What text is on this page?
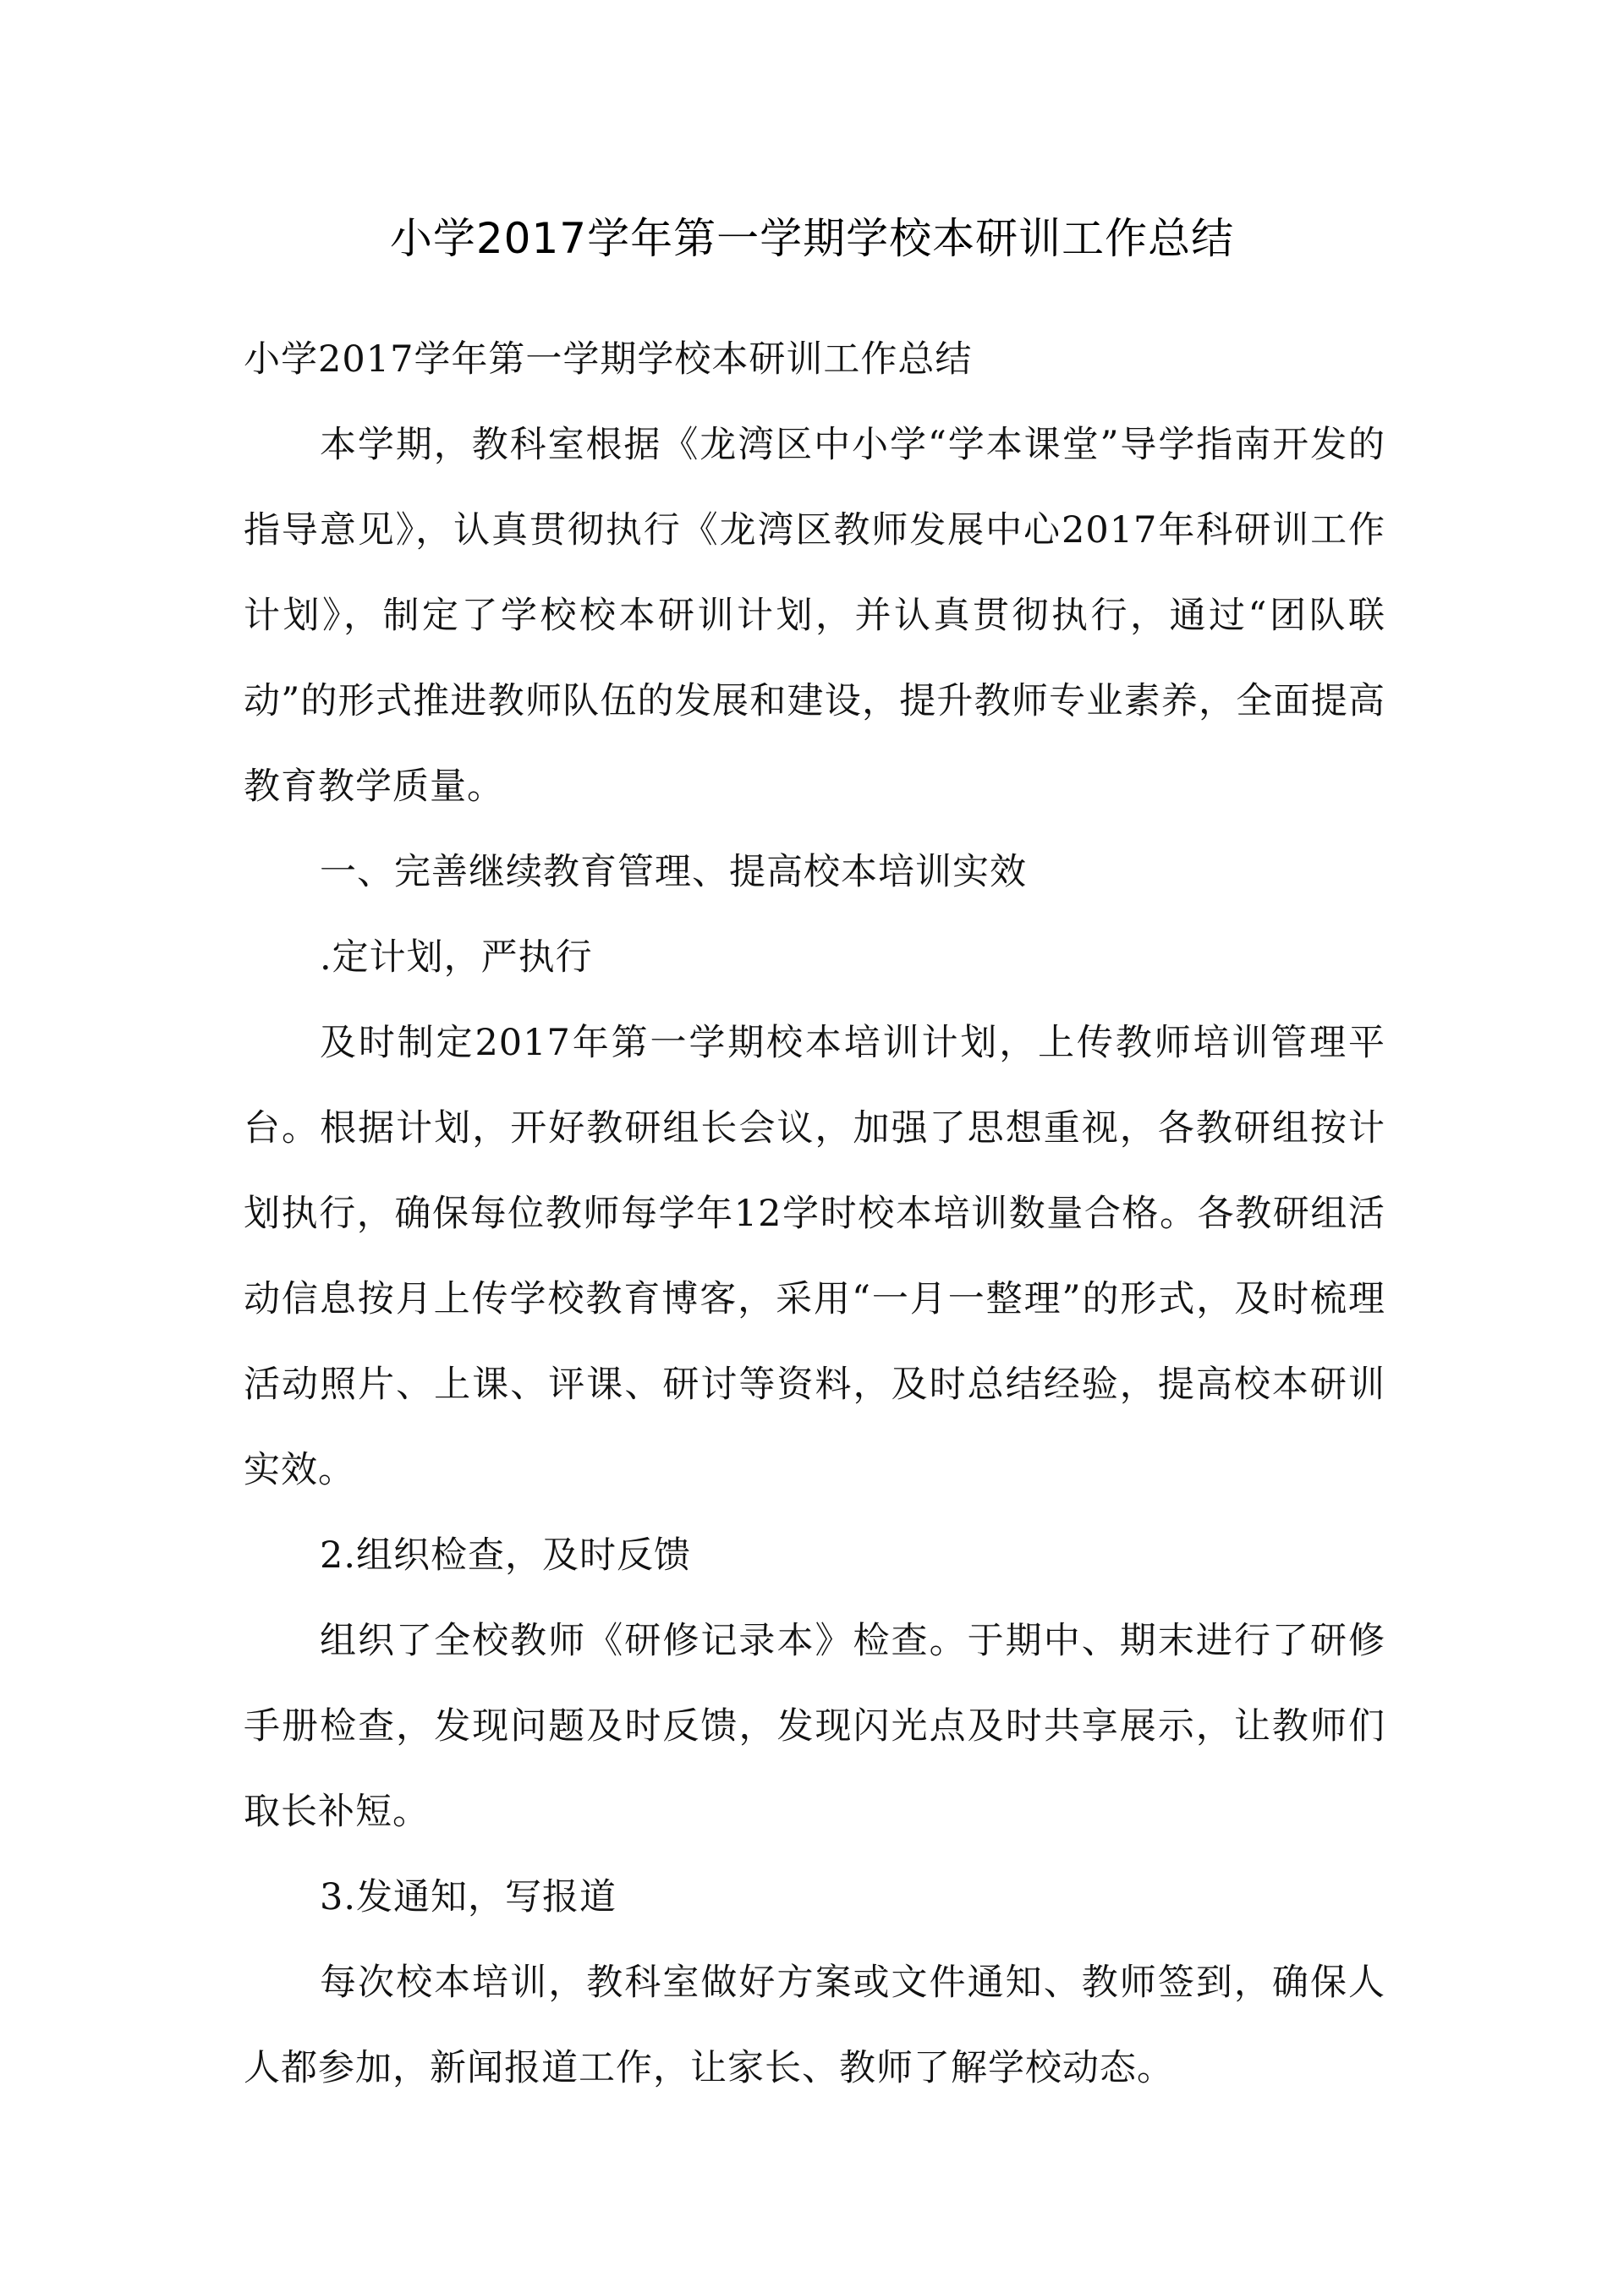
小学2017学年第一学期学校本研训工作总结

小学2017学年第一学期学校本研训工作总结

本学期，教科室根据《龙湾区中小学“学本课堂”导学指南开发的指导意见》，认真贯彻执行《龙湾区教师发展中心2017年科研训工作计划》，制定了学校校本研训计划，并认真贯彻执行，通过“团队联动”的形式推进教师队伍的发展和建设，提升教师专业素养，全面提高教育教学质量。

一、完善继续教育管理、提高校本培训实效

.定计划，严执行

及时制定2017年第一学期校本培训计划，上传教师培训管理平台。根据计划，开好教研组长会议，加强了思想重视，各教研组按计划执行，确保每位教师每学年12学时校本培训数量合格。各教研组活动信息按月上传学校教育博客，采用“一月一整理”的形式，及时梳理活动照片、上课、评课、研讨等资料，及时总结经验，提高校本研训实效。

2.组织检查，及时反馈

组织了全校教师《研修记录本》检查。于期中、期末进行了研修手册检查，发现问题及时反馈，发现闪光点及时共享展示，让教师们取长补短。

3.发通知，写报道

每次校本培训，教科室做好方案或文件通知、教师签到，确保人人都参加，新闻报道工作，让家长、教师了解学校动态。
